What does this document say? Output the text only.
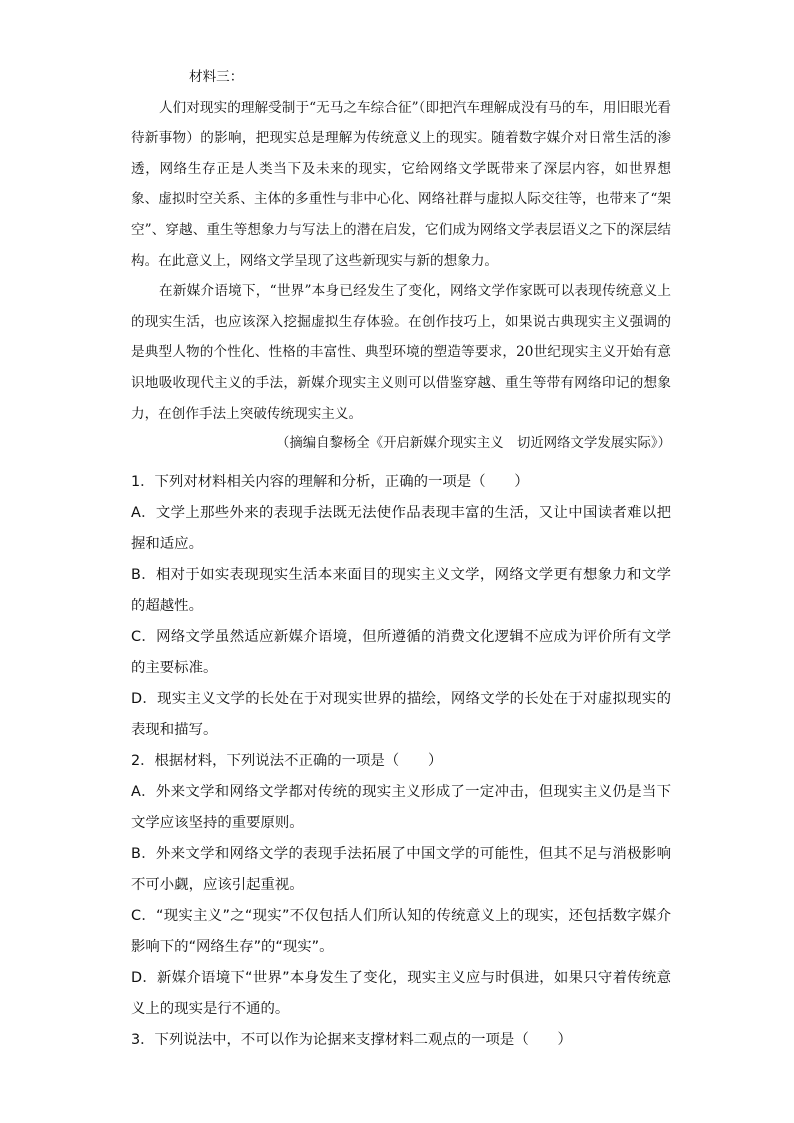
材料三：

人们对现实的理解受制于“无马之车综合征”（即把汽车理解成没有马的车，用旧眼光看待新事物）的影响，把现实总是理解为传统意义上的现实。随着数字媒介对日常生活的渗透，网络生存正是人类当下及未来的现实，它给网络文学既带来了深层内容，如世界想象、虚拟时空关系、主体的多重性与非中心化、网络社群与虚拟人际交往等，也带来了“架空”、穿越、重生等想象力与写法上的潜在启发，它们成为网络文学表层语义之下的深层结构。在此意义上，网络文学呈现了这些新现实与新的想象力。

在新媒介语境下，“世界”本身已经发生了变化，网络文学作家既可以表现传统意义上的现实生活，也应该深入挖掘虚拟生存体验。在创作技巧上，如果说古典现实主义强调的是典型人物的个性化、性格的丰富性、典型环境的塑造等要求，20世纪现实主义开始有意识地吸收现代主义的手法，新媒介现实主义则可以借鉴穿越、重生等带有网络印记的想象力，在创作手法上突破传统现实主义。

（摘编自黎杨全《开启新媒介现实主义　切近网络文学发展实际》）

1．下列对材料相关内容的理解和分析，正确的一项是（　　）

A．文学上那些外来的表现手法既无法使作品表现丰富的生活，又让中国读者难以把握和适应。

B．相对于如实表现现实生活本来面目的现实主义文学，网络文学更有想象力和文学的超越性。

C．网络文学虽然适应新媒介语境，但所遵循的消费文化逻辑不应成为评价所有文学的主要标准。

D．现实主义文学的长处在于对现实世界的描绘，网络文学的长处在于对虚拟现实的表现和描写。

2．根据材料，下列说法不正确的一项是（　　）

A．外来文学和网络文学都对传统的现实主义形成了一定冲击，但现实主义仍是当下文学应该坚持的重要原则。

B．外来文学和网络文学的表现手法拓展了中国文学的可能性，但其不足与消极影响不可小觑，应该引起重视。

C．“现实主义”之“现实”不仅包括人们所认知的传统意义上的现实，还包括数字媒介影响下的“网络生存”的“现实”。

D．新媒介语境下“世界”本身发生了变化，现实主义应与时俱进，如果只守着传统意义上的现实是行不通的。

3．下列说法中，不可以作为论据来支撑材料二观点的一项是（　　）
